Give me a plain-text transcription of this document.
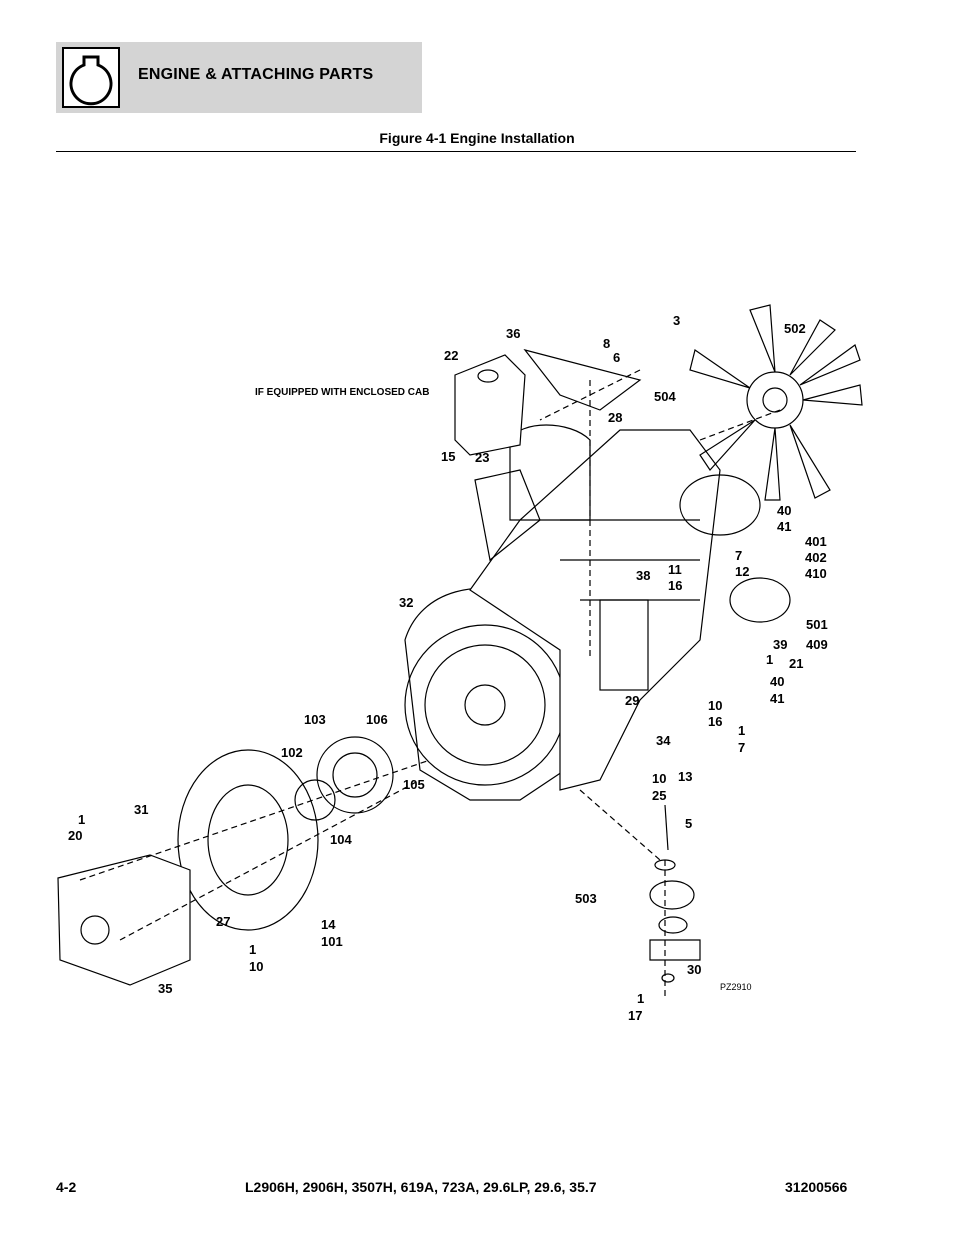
ENGINE & ATTACHING PARTS
Figure 4-1 Engine Installation
IF EQUIPPED WITH ENCLOSED CAB
PZ2910
36
8
6
3
502
22
504
28
15 23
40
41
7
12
401
402
410
38 11
16
32
501
409
39
1 21
40
41
29	10
16
103	106
1
7
102
34
105
13
10
25
1
31
20	104
5
503
27	14
101
1
10
35
30
1
17
4-2	L2906H, 2906H, 3507H, 619A, 723A, 29.6LP, 29.6, 35.7	31200566
